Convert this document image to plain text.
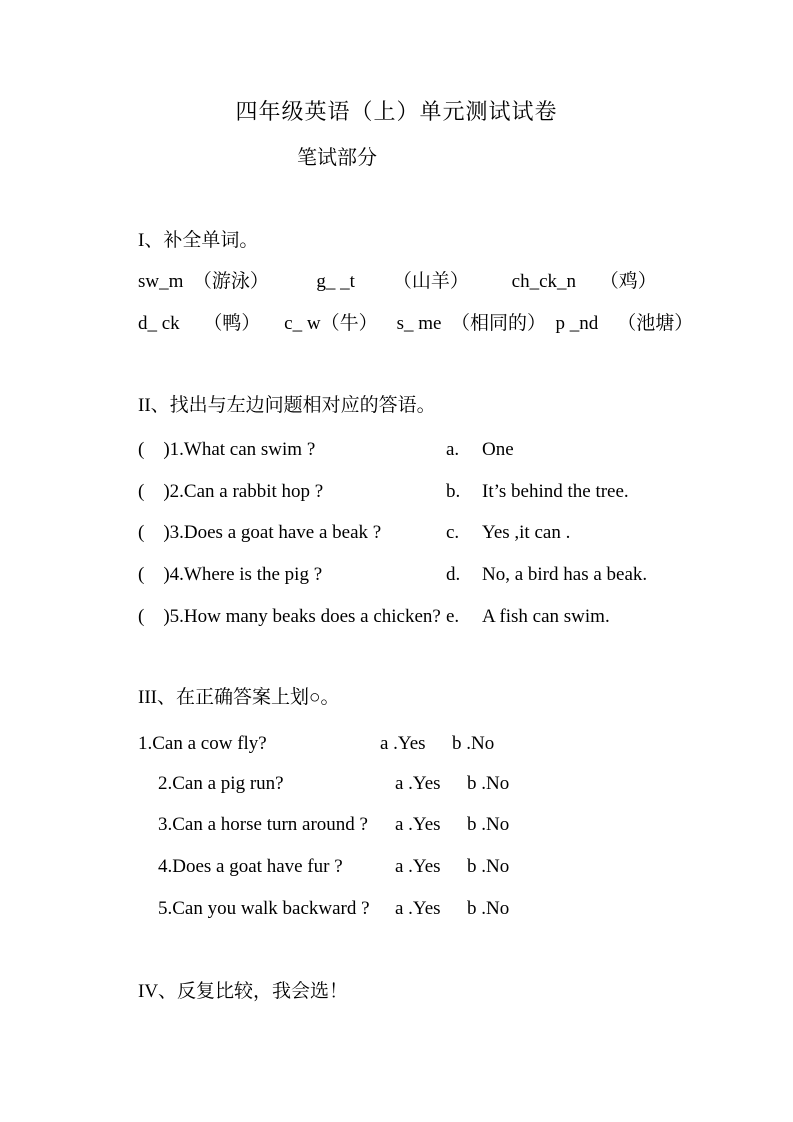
四年级英语（上）单元测试试卷
笔试部分
I、补全单词。
sw_m  （游泳）          g_ _t        （山羊）         ch_ck_n     （鸡）
d_ ck     （鸭）     c_ w（牛）    s_ me  （相同的）  p _nd    （池塘）
II、找出与左边问题相对应的答语。
(    )1.What can swim ?	a.	One
(    )2.Can a rabbit hop ?	b.	It’s behind the tree.
(    )3.Does a goat have a beak ?	c.	Yes ,it can .
(    )4.Where is the pig ?	d.	No, a bird has a beak.
(    )5.How many beaks does a chicken? e.	A fish can swim.
III、在正确答案上划○。
1.Can a cow fly?	a .Yes	b .No
2.Can a pig run?	a .Yes	b .No
3.Can a horse turn around ?	a .Yes	b .No
4.Does a goat have fur ?	a .Yes	b .No
5.Can you walk backward ?	a .Yes	b .No
IV、反复比较，我会选！
